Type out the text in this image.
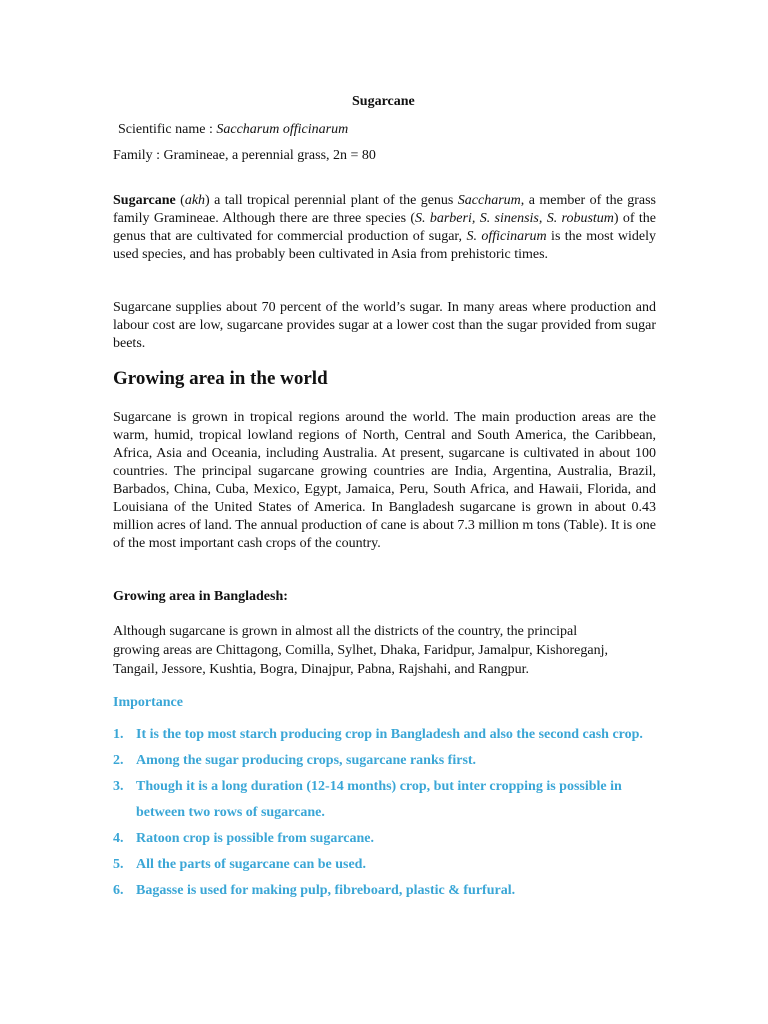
Sugarcane

Scientific name : Saccharum officinarum

Family : Gramineae, a perennial grass, 2n = 80

Sugarcane (akh) a tall tropical perennial plant of the genus Saccharum, a member of the grass family Gramineae. Although there are three species (S. barberi, S. sinensis, S. robustum) of the genus that are cultivated for commercial production of sugar, S. officinarum is the most widely used species, and has probably been cultivated in Asia from prehistoric times.

Sugarcane supplies about 70 percent of the world’s sugar. In many areas where production and labour cost are low, sugarcane provides sugar at a lower cost than the sugar provided from sugar beets.

Growing area in the world

Sugarcane is grown in tropical regions around the world. The main production areas are the warm, humid, tropical lowland regions of North, Central and South America, the Caribbean, Africa, Asia and Oceania, including Australia. At present, sugarcane is cultivated in about 100 countries. The principal sugarcane growing countries are India, Argentina, Australia, Brazil, Barbados, China, Cuba, Mexico, Egypt, Jamaica, Peru, South Africa, and Hawaii, Florida, and Louisiana of the United States of America. In Bangladesh sugarcane is grown in about 0.43 million acres of land. The annual production of cane is about 7.3 million m tons (Table). It is one of the most important cash crops of the country.

Growing area in Bangladesh:

Although sugarcane is grown in almost all the districts of the country, the principal

growing areas are Chittagong, Comilla, Sylhet, Dhaka, Faridpur, Jamalpur, Kishoreganj,

Tangail, Jessore, Kushtia, Bogra, Dinajpur, Pabna, Rajshahi, and Rangpur.

Importance
1. It is the top most starch producing crop in Bangladesh and also the second cash crop.
2. Among the sugar producing crops, sugarcane ranks first.
3. Though it is a long duration (12-14 months) crop, but inter cropping is possible in between two rows of sugarcane.
4. Ratoon crop is possible from sugarcane.
5. All the parts of sugarcane can be used.
6. Bagasse is used for making pulp, fibreboard, plastic & furfural.
